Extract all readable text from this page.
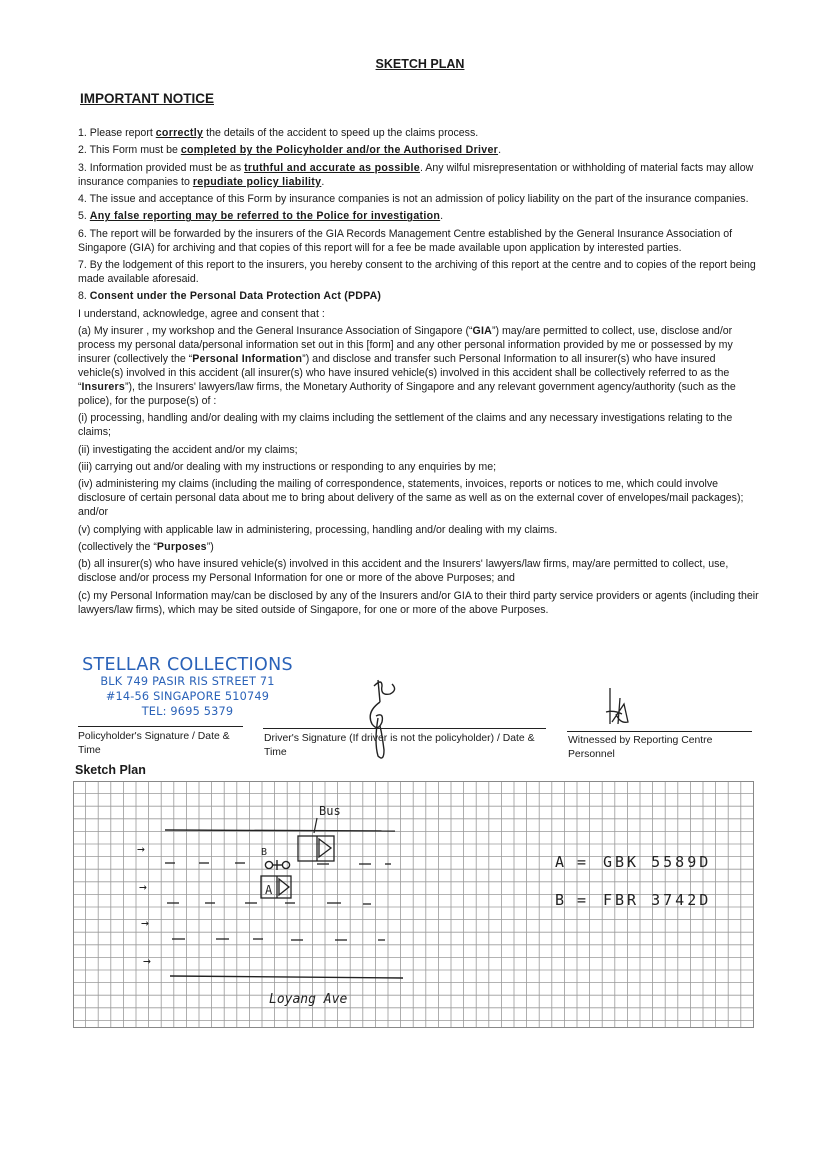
SKETCH PLAN
IMPORTANT NOTICE

1. Please report correctly the details of the accident to speed up the claims process.

2. This Form must be completed by the Policyholder and/or the Authorised Driver.

3. Information provided must be as truthful and accurate as possible. Any wilful misrepresentation or withholding of material facts may allow insurance companies to repudiate policy liability.

4. The issue and acceptance of this Form by insurance companies is not an admission of policy liability on the part of the insurance companies.

5. Any false reporting may be referred to the Police for investigation.

6. The report will be forwarded by the insurers of the GIA Records Management Centre established by the General Insurance Association of Singapore (GIA) for archiving and that copies of this report will for a fee be made available upon application by interested parties.

7. By the lodgement of this report to the insurers, you hereby consent to the archiving of this report at the centre and to copies of the report being made available aforesaid.

8. Consent under the Personal Data Protection Act (PDPA)

I understand, acknowledge, agree and consent that :

(a) My insurer , my workshop and the General Insurance Association of Singapore (“GIA”) may/are permitted to collect, use, disclose and/or process my personal data/personal information set out in this [form] and any other personal information provided by me or possessed by my insurer (collectively the “Personal Information”) and disclose and transfer such Personal Information to all insurer(s) who have insured vehicle(s) involved in this accident (all insurer(s) who have insured vehicle(s) involved in this accident shall be collectively referred to as the “Insurers”), the Insurers' lawyers/law firms, the Monetary Authority of Singapore and any relevant government agency/authority (such as the police), for the purpose(s) of :

(i) processing, handling and/or dealing with my claims including the settlement of the claims and any necessary investigations relating to the claims;

(ii) investigating the accident and/or my claims;

(iii) carrying out and/or dealing with my instructions or responding to any enquiries by me;

(iv) administering my claims (including the mailing of correspondence, statements, invoices, reports or notices to me, which could involve disclosure of certain personal data about me to bring about delivery of the same as well as on the external cover of envelopes/mail packages); and/or

(v) complying with applicable law in administering, processing, handling and/or dealing with my claims.

(collectively the “Purposes”)

(b) all insurer(s) who have insured vehicle(s) involved in this accident and the Insurers' lawyers/law firms, may/are permitted to collect, use, disclose and/or process my Personal Information for one or more of the above Purposes; and

(c) my Personal Information may/can be disclosed by any of the Insurers and/or GIA to their third party service providers or agents (including their lawyers/law firms), which may be sited outside of Singapore, for one or more of the above Purposes.

STELLAR COLLECTIONS
BLK 749 PASIR RIS STREET 71
#14-56 SINGAPORE 510749
TEL: 9695 5379
Policyholder's Signature / Date & Time
Driver's Signature (If driver is not the policyholder) / Date & Time
Witnessed by Reporting Centre Personnel
Sketch Plan
→
→
→
→
Bus
B
A
Loyang Ave
A = GBK 5589D
B = FBR 3742D
